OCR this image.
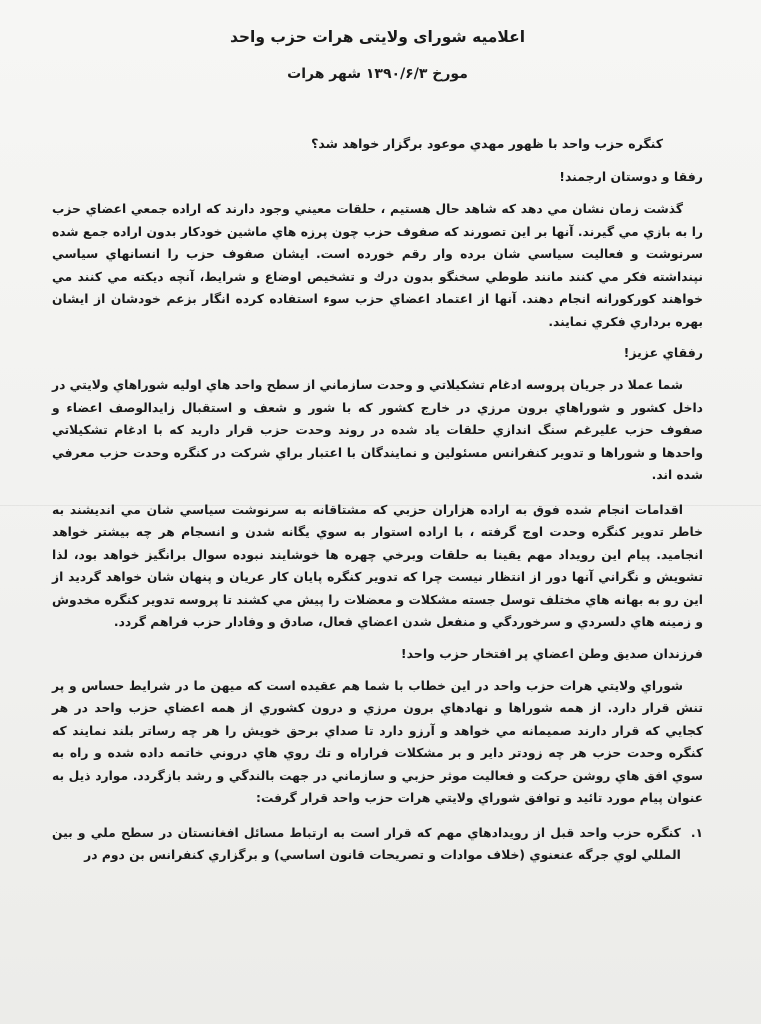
اعلامیه شورای ولایتی هرات حزب واحد
مورخ ۱۳۹۰/۶/۳ شهر هرات
کنگره حزب واحد با ظهور مهدي موعود برگزار خواهد شد؟
رفقا و دوستان ارجمند!
گذشت زمان نشان مي دهد كه شاهد حال هستيم ، حلقات معيني وجود دارند كه اراده جمعي اعضاي حزب را به بازي مي گيرند. آنها بر اين تصورند كه صفوف حزب چون پرزه هاي ماشين خودكار بدون اراده جمع شده سرنوشت و فعاليت سياسي شان برده وار رقم خورده است. ايشان صفوف حزب را انسانهاي سياسي نپنداشته فكر مي كنند مانند طوطي سخنگو بدون درك و تشخيص اوضاع و شرايط، آنچه ديكته مي كنند مي خواهند كوركورانه انجام دهند. آنها از اعتماد اعضاي حزب سوء استفاده كرده انگار بزعم خودشان از ايشان بهره برداري فكري نمايند.
رفقاي عزيز!
شما عملا در جريان پروسه ادغام تشكيلاتي و وحدت سازماني از سطح واحد هاي اوليه شوراهاي ولايتي در داخل كشور و شوراهاي برون مرزي در خارج كشور كه با شور و شعف و استقبال زايدالوصف اعضاء و صفوف حزب عليرغم سنگ اندازي حلقات ياد شده در روند وحدت حزب قرار داريد كه با ادغام تشكيلاتي واحدها و شوراها و تدوير كنفرانس مسئولين و نمايندگان با اعتبار براي شركت در كنگره وحدت حزب معرفي شده اند.
اقدامات انجام شده فوق به اراده هزاران حزبي كه مشتاقانه به سرنوشت سياسي شان مي انديشند به خاطر تدوير كنگره وحدت اوج گرفته ، با اراده استوار به سوي يگانه شدن و انسجام هر چه بيشتر خواهد انجاميد. پيام اين رويداد مهم يقينا به حلقات وبرخي چهره ها خوشايند نبوده سوال برانگيز خواهد بود، لذا تشويش و نگراني آنها دور از انتظار نيست چرا كه تدوير كنگره پايان كار عريان و پنهان شان خواهد گرديد از اين رو به بهانه هاي مختلف توسل جسته مشكلات و معضلات را پيش مي كشند تا پروسه تدوير كنگره مخدوش و زمينه هاي دلسردي و سرخوردگي و منفعل شدن اعضاي فعال، صادق و وفادار حزب فراهم گردد.
فرزندان صديق وطن اعضاي پر افتخار حزب واحد!
شوراي ولايتي هرات حزب واحد در اين خطاب با شما هم عقيده است كه ميهن ما در شرايط حساس و پر تنش قرار دارد. از همه شوراها و نهادهاي برون مرزي و درون كشوري از همه اعضاي حزب واحد در هر كجايي كه قرار دارند صميمانه مي خواهد و آرزو دارد تا صداي برحق خويش را هر چه رساتر بلند نمايند كه كنگره وحدت حزب هر چه زودتر داير و بر مشكلات فراراه و تك روي هاي دروني خاتمه داده شده و راه به سوي افق هاي روشن حركت و فعاليت موثر حزبي و سازماني در جهت بالندگي و رشد بازگردد. موارد ذيل به عنوان پيام مورد تائيد و توافق شوراي ولايتي هرات حزب واحد قرار گرفت:
۱.
كنگره حزب واحد قبل از رويدادهاي مهم كه قرار است به ارتباط مسائل افغانستان در سطح ملي و بين المللي لوي جرگه عنعنوي (خلاف موادات و تصريحات قانون اساسي) و برگزاري كنفرانس بن دوم در
